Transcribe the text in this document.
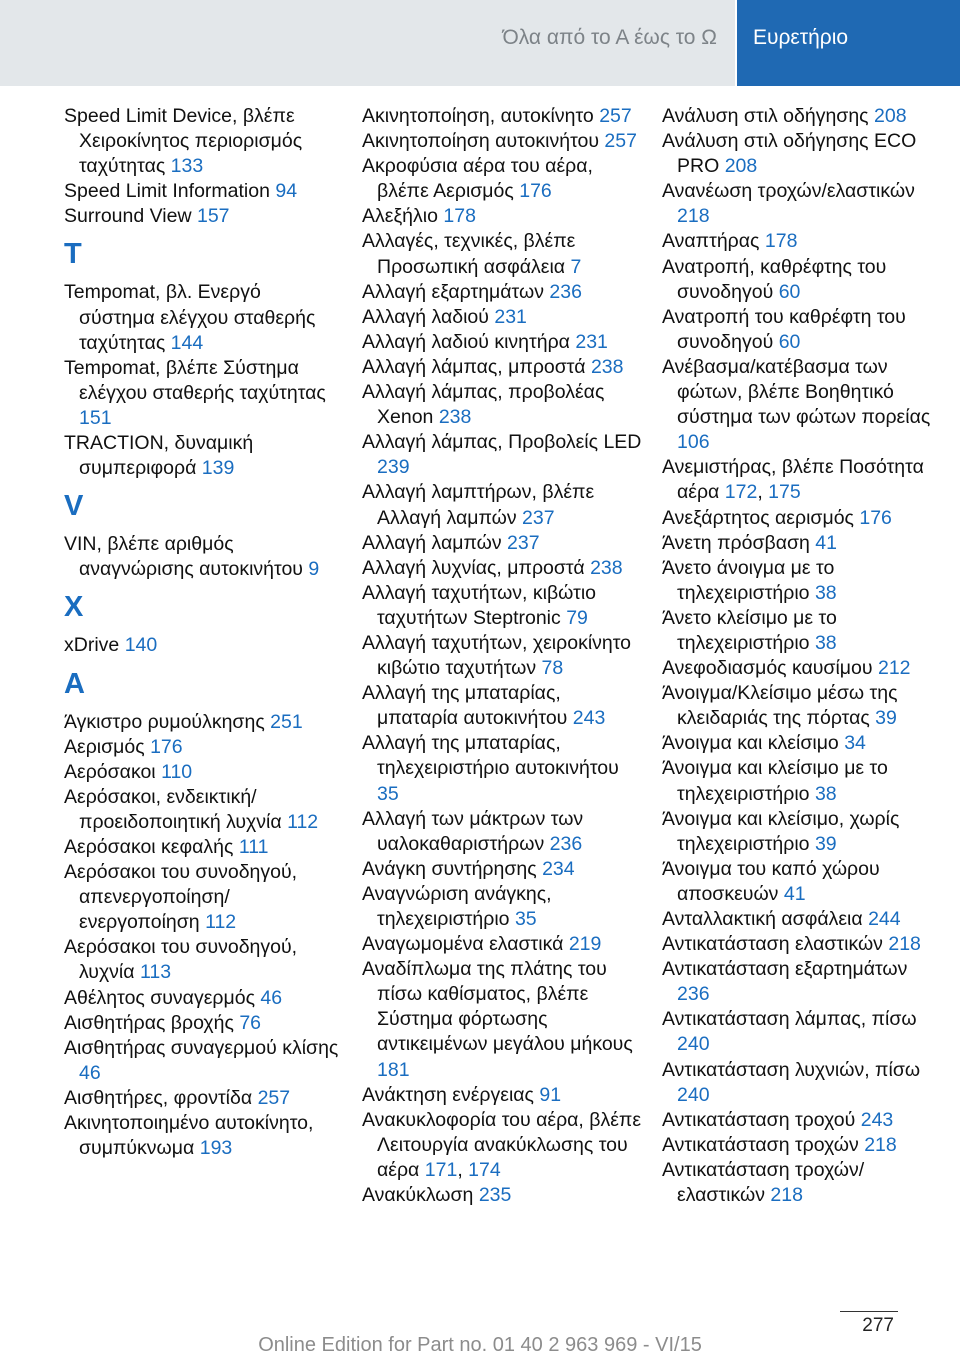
Όλα από το Α έως το Ω Ευρετήριο
Speed Limit Device, βλέπε Χειροκίνητος περιορισμός ταχύτητας 133
Speed Limit Information 94
Surround View 157
T
Tempomat, βλ. Ενεργό σύστημα ελέγχου σταθερής ταχύτητας 144
Tempomat, βλέπε Σύστημα ελέγχου σταθερής ταχύτητας 151
TRACTION, δυναμική συμπεριφορά 139
V
VIN, βλέπε αριθμός αναγνώρισης αυτοκινήτου 9
X
xDrive 140
A
Άγκιστρο ρυμούλκησης 251
Αερισμός 176
Αερόσακοι 110
Αερόσακοι, ενδεικτική/προειδοποιητική λυχνία 112
Αερόσακοι κεφαλής 111
Αερόσακοι του συνοδηγού, απενεργοποίηση/ενεργοποίηση 112
Αερόσακοι του συνοδηγού, λυχνία 113
Αθέλητος συναγερμός 46
Αισθητήρας βροχής 76
Αισθητήρας συναγερμού κλίσης 46
Αισθητήρες, φροντίδα 257
Ακινητοποιημένο αυτοκίνητο, συμπύκνωμα 193
Ακινητοποίηση, αυτοκίνητο 257
Ακινητοποίηση αυτοκινήτου 257
Ακροφύσια αέρα του αέρα, βλέπε Αερισμός 176
Αλεξήλιο 178
Αλλαγές, τεχνικές, βλέπε Προσωπική ασφάλεια 7
Αλλαγή εξαρτημάτων 236
Αλλαγή λαδιού 231
Αλλαγή λαδιού κινητήρα 231
Αλλαγή λάμπας, μπροστά 238
Αλλαγή λάμπας, προβολέας Xenon 238
Αλλαγή λάμπας, Προβολείς LED 239
Αλλαγή λαμπτήρων, βλέπε Αλλαγή λαμπών 237
Αλλαγή λαμπών 237
Αλλαγή λυχνίας, μπροστά 238
Αλλαγή ταχυτήτων, κιβώτιο ταχυτήτων Steptronic 79
Αλλαγή ταχυτήτων, χειροκίνητο κιβώτιο ταχυτήτων 78
Αλλαγή της μπαταρίας, μπαταρία αυτοκινήτου 243
Αλλαγή της μπαταρίας, τηλεχειριστήριο αυτοκινήτου 35
Αλλαγή των μάκτρων των υαλοκαθαριστήρων 236
Ανάγκη συντήρησης 234
Αναγνώριση ανάγκης, τηλεχειριστήριο 35
Αναγωμομένα ελαστικά 219
Αναδίπλωμα της πλάτης του πίσω καθίσματος, βλέπε Σύστημα φόρτωσης αντικειμένων μεγάλου μήκους 181
Ανάκτηση ενέργειας 91
Ανακυκλοφορία του αέρα, βλέπε Λειτουργία ανακύκλωσης του αέρα 171, 174
Ανακύκλωση 235
Ανάλυση στιλ οδήγησης 208
Ανάλυση στιλ οδήγησης ECO PRO 208
Ανανέωση τροχών/ελαστικών 218
Αναπτήρας 178
Ανατροπή, καθρέφτης του συνοδηγού 60
Ανατροπή του καθρέφτη του συνοδηγού 60
Ανέβασμα/κατέβασμα των φώτων, βλέπε Βοηθητικό σύστημα των φώτων πορείας 106
Ανεμιστήρας, βλέπε Ποσότητα αέρα 172, 175
Ανεξάρτητος αερισμός 176
Άνετη πρόσβαση 41
Άνετο άνοιγμα με το τηλεχειριστήριο 38
Άνετο κλείσιμο με το τηλεχειριστήριο 38
Ανεφοδιασμός καυσίμου 212
Άνοιγμα/Κλείσιμο μέσω της κλειδαριάς της πόρτας 39
Άνοιγμα και κλείσιμο 34
Άνοιγμα και κλείσιμο με το τηλεχειριστήριο 38
Άνοιγμα και κλείσιμο, χωρίς τηλεχειριστήριο 39
Άνοιγμα του καπό χώρου αποσκευών 41
Ανταλλακτική ασφάλεια 244
Αντικατάσταση ελαστικών 218
Αντικατάσταση εξαρτημάτων 236
Αντικατάσταση λάμπας, πίσω 240
Αντικατάσταση λυχνιών, πίσω 240
Αντικατάσταση τροχού 243
Αντικατάσταση τροχών 218
Αντικατάσταση τροχών/ελαστικών 218
277
Online Edition for Part no. 01 40 2 963 969 - VI/15
